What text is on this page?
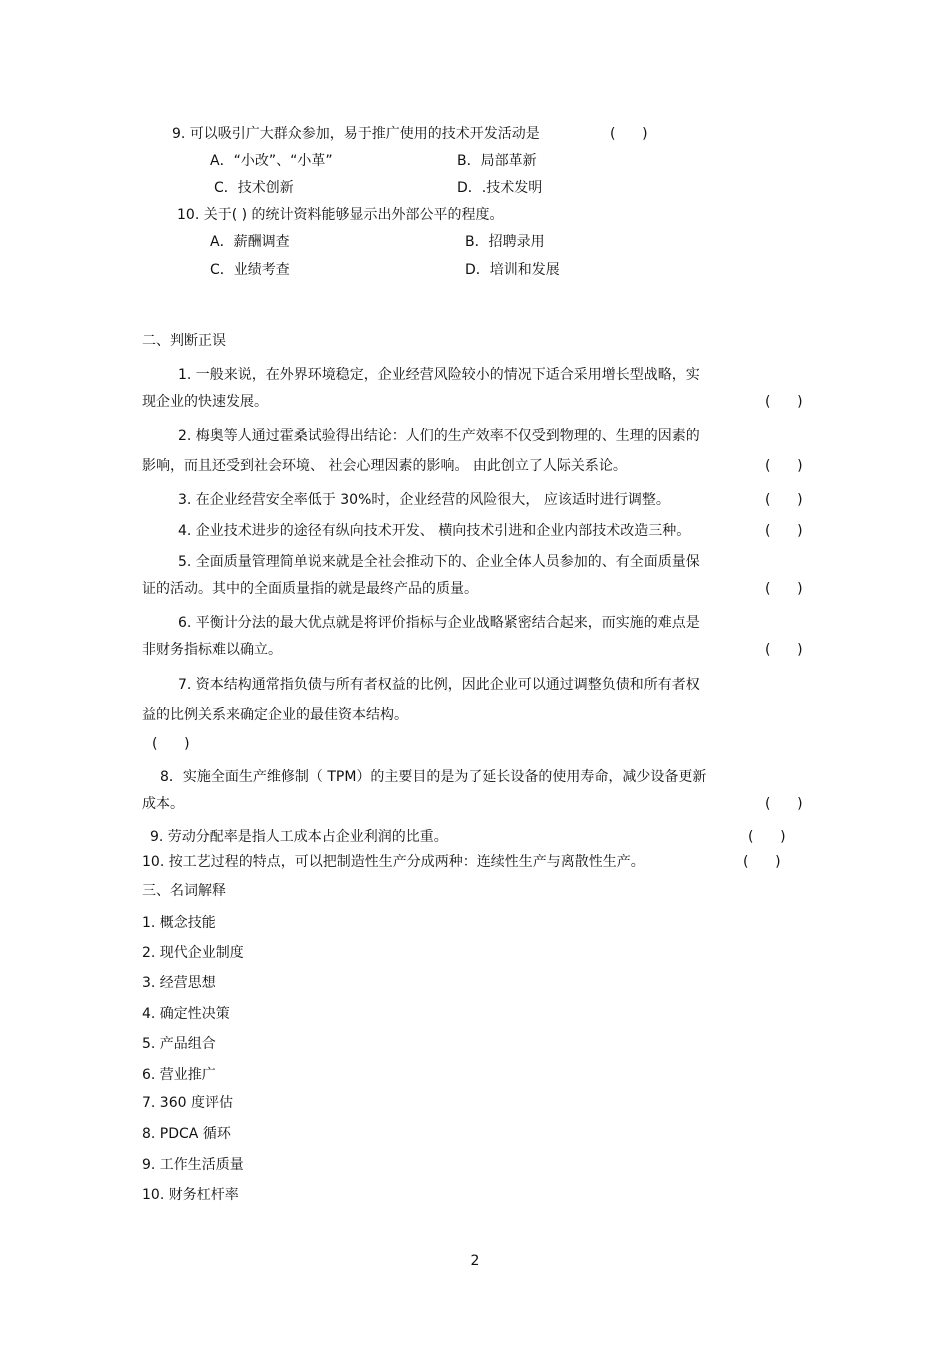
9. 可以吸引广大群众参加，易于推广使用的技术开发活动是	(      )
A．“小改”、“小革”	B．局部革新
C．技术创新	D．.技术发明
10. 关于( ) 的统计资料能够显示出外部公平的程度。
A．薪酬调查	B．招聘录用
C．业绩考查	D．培训和发展
二、判断正误
1. 一般来说，在外界环境稳定，企业经营风险较小的情况下适合采用增长型战略，实
现企业的快速发展。	(      )
2. 梅奥等人通过霍桑试验得出结论：人们的生产效率不仅受到物理的、生理的因素的
影响，而且还受到社会环境、 社会心理因素的影响。 由此创立了人际关系论。	(      )
3. 在企业经营安全率低于 30%时，企业经营的风险很大， 应该适时进行调整。	(      )
4. 企业技术进步的途径有纵向技术开发、 横向技术引进和企业内部技术改造三种。	(      )
5. 全面质量管理简单说来就是全社会推动下的、企业全体人员参加的、有全面质量保
证的活动。其中的全面质量指的就是最终产品的质量。	(      )
6. 平衡计分法的最大优点就是将评价指标与企业战略紧密结合起来，而实施的难点是
非财务指标难以确立。	(      )
7. 资本结构通常指负债与所有者权益的比例，因此企业可以通过调整负债和所有者权
益的比例关系来确定企业的最佳资本结构。
(      )
8．实施全面生产维修制（ TPM）的主要目的是为了延长设备的使用寿命，减少设备更新
成本。	(      )
9. 劳动分配率是指人工成本占企业利润的比重。	(      )
10. 按工艺过程的特点，可以把制造性生产分成两种：连续性生产与离散性生产。	(      )
三、名词解释
1. 概念技能
2. 现代企业制度
3. 经营思想
4. 确定性决策
5. 产品组合
6. 营业推广
7. 360 度评估
8. PDCA 循环
9. 工作生活质量
10. 财务杠杆率
2
